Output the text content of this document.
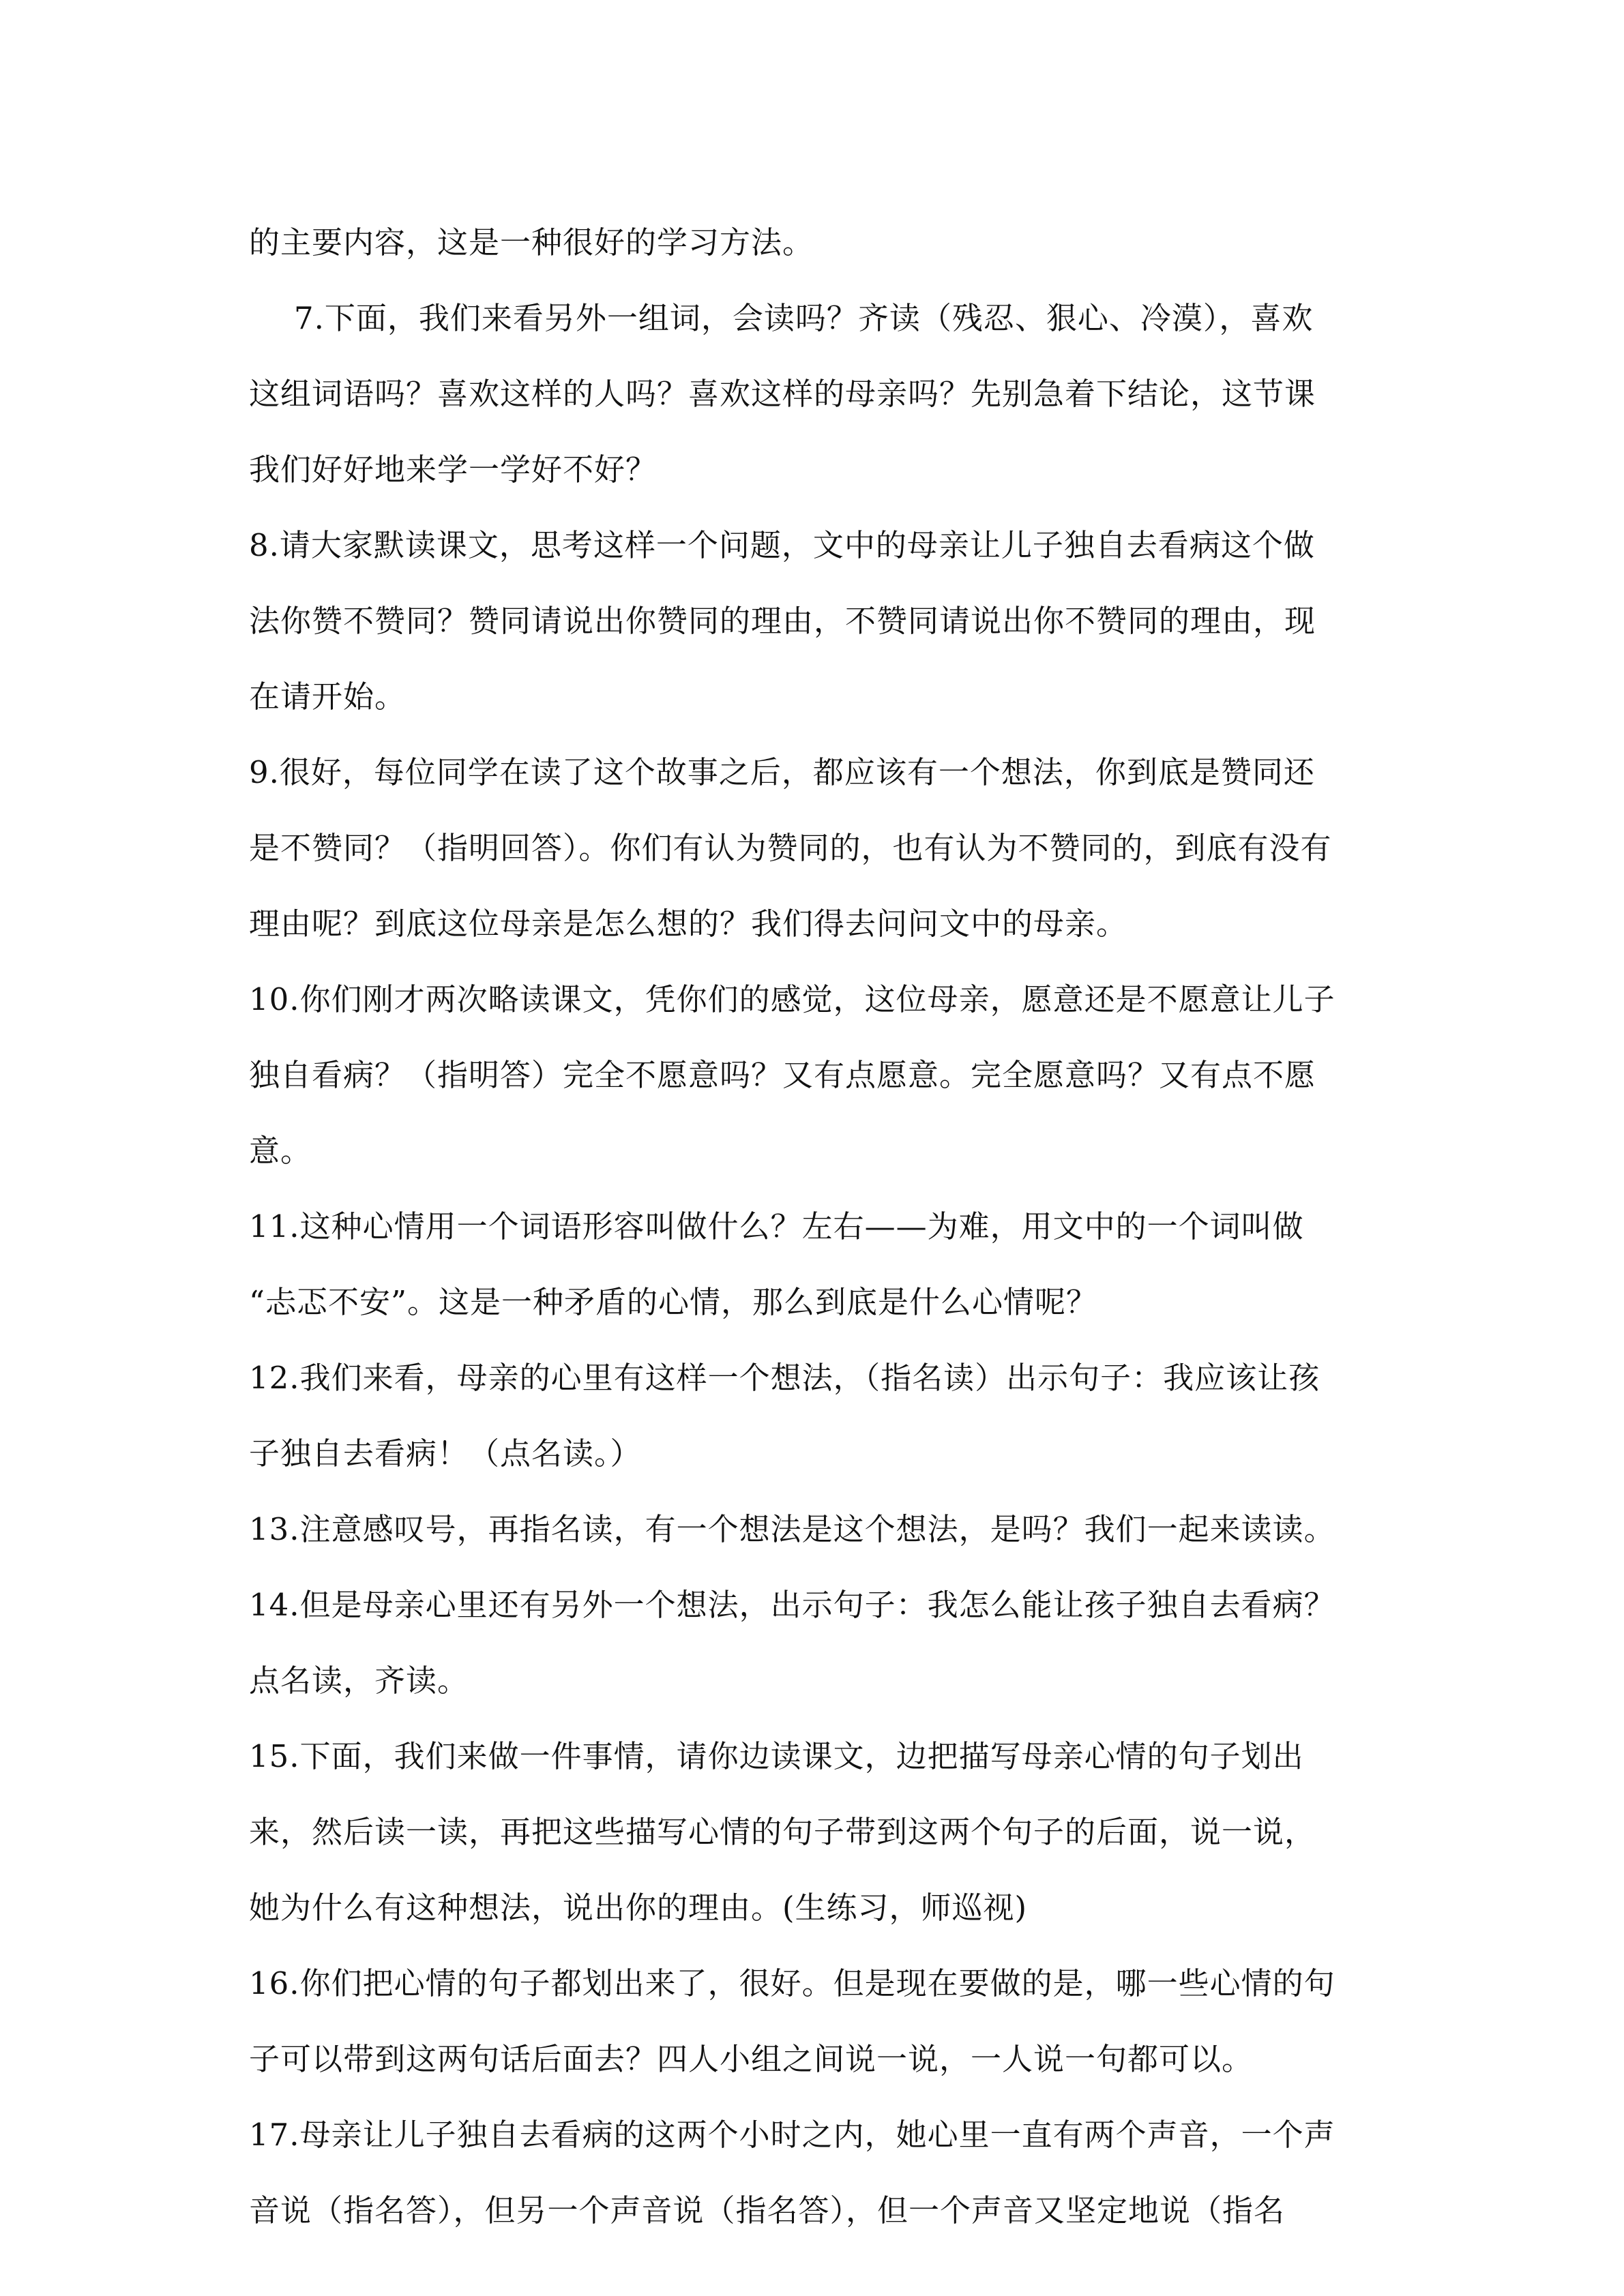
的主要内容，这是一种很好的学习方法。
7.下面，我们来看另外一组词，会读吗？齐读（残忍、狠心、冷漠），喜欢
这组词语吗？喜欢这样的人吗？喜欢这样的母亲吗？先别急着下结论，这节课
我们好好地来学一学好不好？
8.请大家默读课文，思考这样一个问题，文中的母亲让儿子独自去看病这个做
法你赞不赞同？赞同请说出你赞同的理由，不赞同请说出你不赞同的理由，现
在请开始。
9.很好，每位同学在读了这个故事之后，都应该有一个想法，你到底是赞同还
是不赞同？（指明回答）。你们有认为赞同的，也有认为不赞同的，到底有没有
理由呢？到底这位母亲是怎么想的？我们得去问问文中的母亲。
10.你们刚才两次略读课文，凭你们的感觉，这位母亲，愿意还是不愿意让儿子
独自看病？（指明答）完全不愿意吗？又有点愿意。完全愿意吗？又有点不愿
意。
11.这种心情用一个词语形容叫做什么？左右——为难，用文中的一个词叫做
“忐忑不安”。这是一种矛盾的心情，那么到底是什么心情呢？
12.我们来看，母亲的心里有这样一个想法，（指名读）出示句子：我应该让孩
子独自去看病！（点名读。）
13.注意感叹号，再指名读，有一个想法是这个想法，是吗？我们一起来读读。
14.但是母亲心里还有另外一个想法，出示句子：我怎么能让孩子独自去看病？
点名读，齐读。
15.下面，我们来做一件事情，请你边读课文，边把描写母亲心情的句子划出
来，然后读一读，再把这些描写心情的句子带到这两个句子的后面，说一说，
她为什么有这种想法，说出你的理由。(生练习，师巡视)
16.你们把心情的句子都划出来了，很好。但是现在要做的是，哪一些心情的句
子可以带到这两句话后面去？四人小组之间说一说，一人说一句都可以。
17.母亲让儿子独自去看病的这两个小时之内，她心里一直有两个声音，一个声
音说（指名答），但另一个声音说（指名答），但一个声音又坚定地说（指名
